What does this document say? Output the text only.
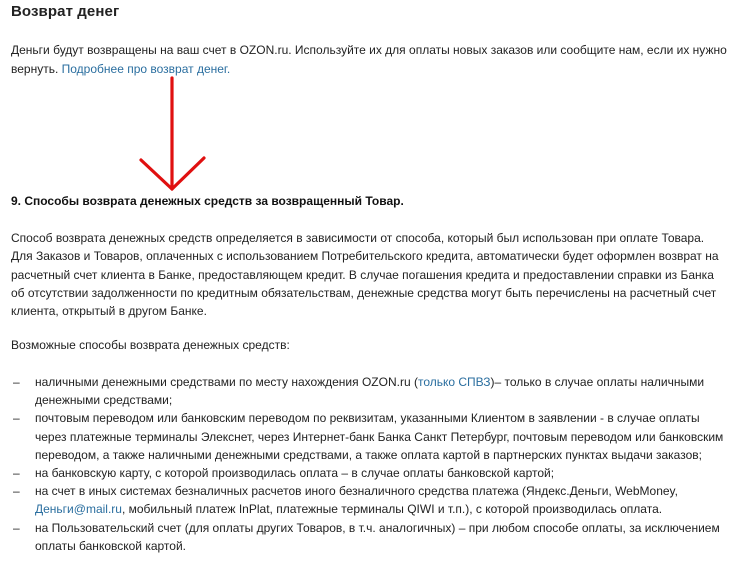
Возврат денег

Деньги будут возвращены на ваш счет в OZON.ru. Используйте их для оплаты новых заказов или сообщите нам, если их нужно вернуть. Подробнее про возврат денег.

9. Способы возврата денежных средств за возвращенный Товар.

Способ возврата денежных средств определяется в зависимости от способа, который был использован при оплате Товара. Для Заказов и Товаров, оплаченных с использованием Потребительского кредита, автоматически будет оформлен возврат на расчетный счет клиента в Банке, предоставляющем кредит. В случае погашения кредита и предоставлении справки из Банка об отсутствии задолженности по кредитным обязательствам, денежные средства могут быть перечислены на расчетный счет клиента, открытый в другом Банке.

Возможные способы возврата денежных средств:

– наличными денежными средствами по месту нахождения OZON.ru (только СПВЗ)– только в случае оплаты наличными денежными средствами;
– почтовым переводом или банковским переводом по реквизитам, указанными Клиентом в заявлении - в случае оплаты через платежные терминалы Элекснет, через Интернет-банк Банка Санкт Петербург, почтовым переводом или банковским переводом, а также наличными денежными средствами, а также оплата картой в партнерских пунктах выдачи заказов;
– на банковскую карту, с которой производилась оплата – в случае оплаты банковской картой;
– на счет в иных системах безналичных расчетов иного безналичного средства платежа (Яндекс.Деньги, WebMoney, Деньги@mail.ru, мобильный платеж InPlat, платежные терминалы QIWI и т.п.), с которой производилась оплата.
– на Пользовательский счет (для оплаты других Товаров, в т.ч. аналогичных) – при любом способе оплаты, за исключением оплаты банковской картой.
